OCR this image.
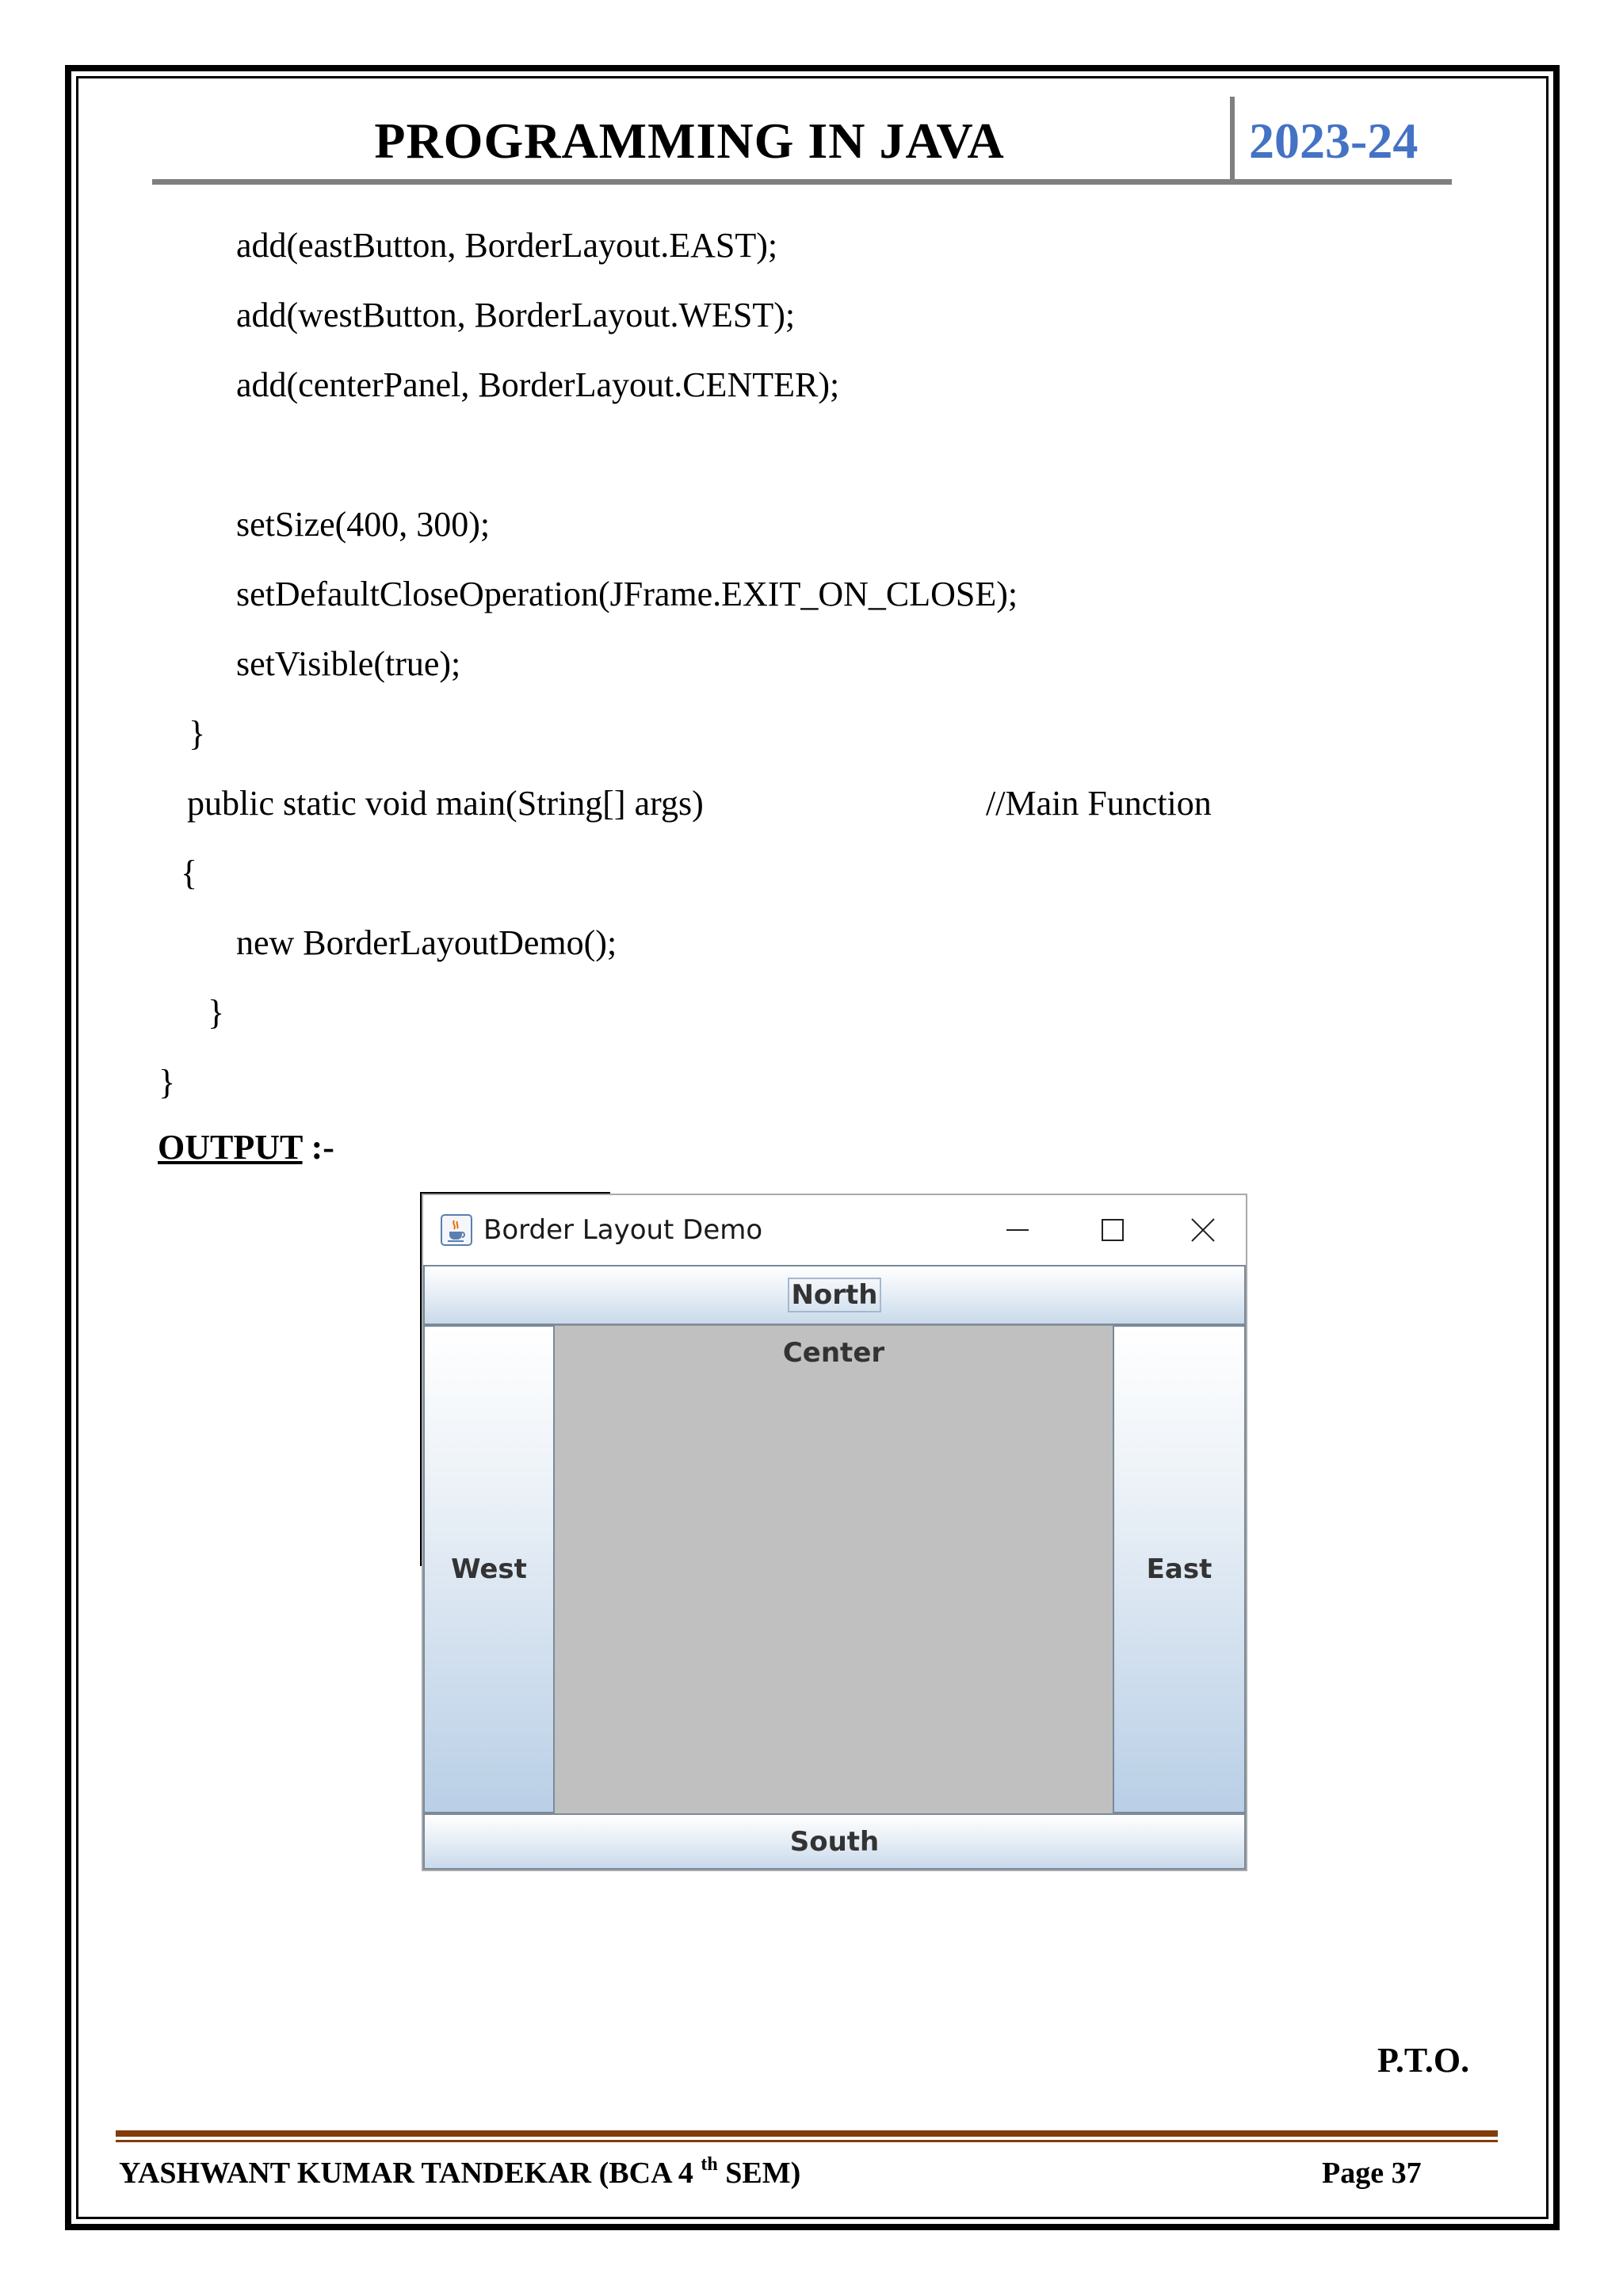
PROGRAMMING IN JAVA	2023-24
add(eastButton, BorderLayout.EAST);
add(westButton, BorderLayout.WEST);
add(centerPanel, BorderLayout.CENTER);
setSize(400, 300);
setDefaultCloseOperation(JFrame.EXIT_ON_CLOSE);
setVisible(true);
}
public static void main(String[] args)	//Main Function
{
new BorderLayoutDemo();
}
}
OUTPUT :-
Border Layout Demo
North
West
Center
East
South
P.T.O.
YASHWANT KUMAR TANDEKAR (BCA 4 $^{th}$ SEM)	Page 37
